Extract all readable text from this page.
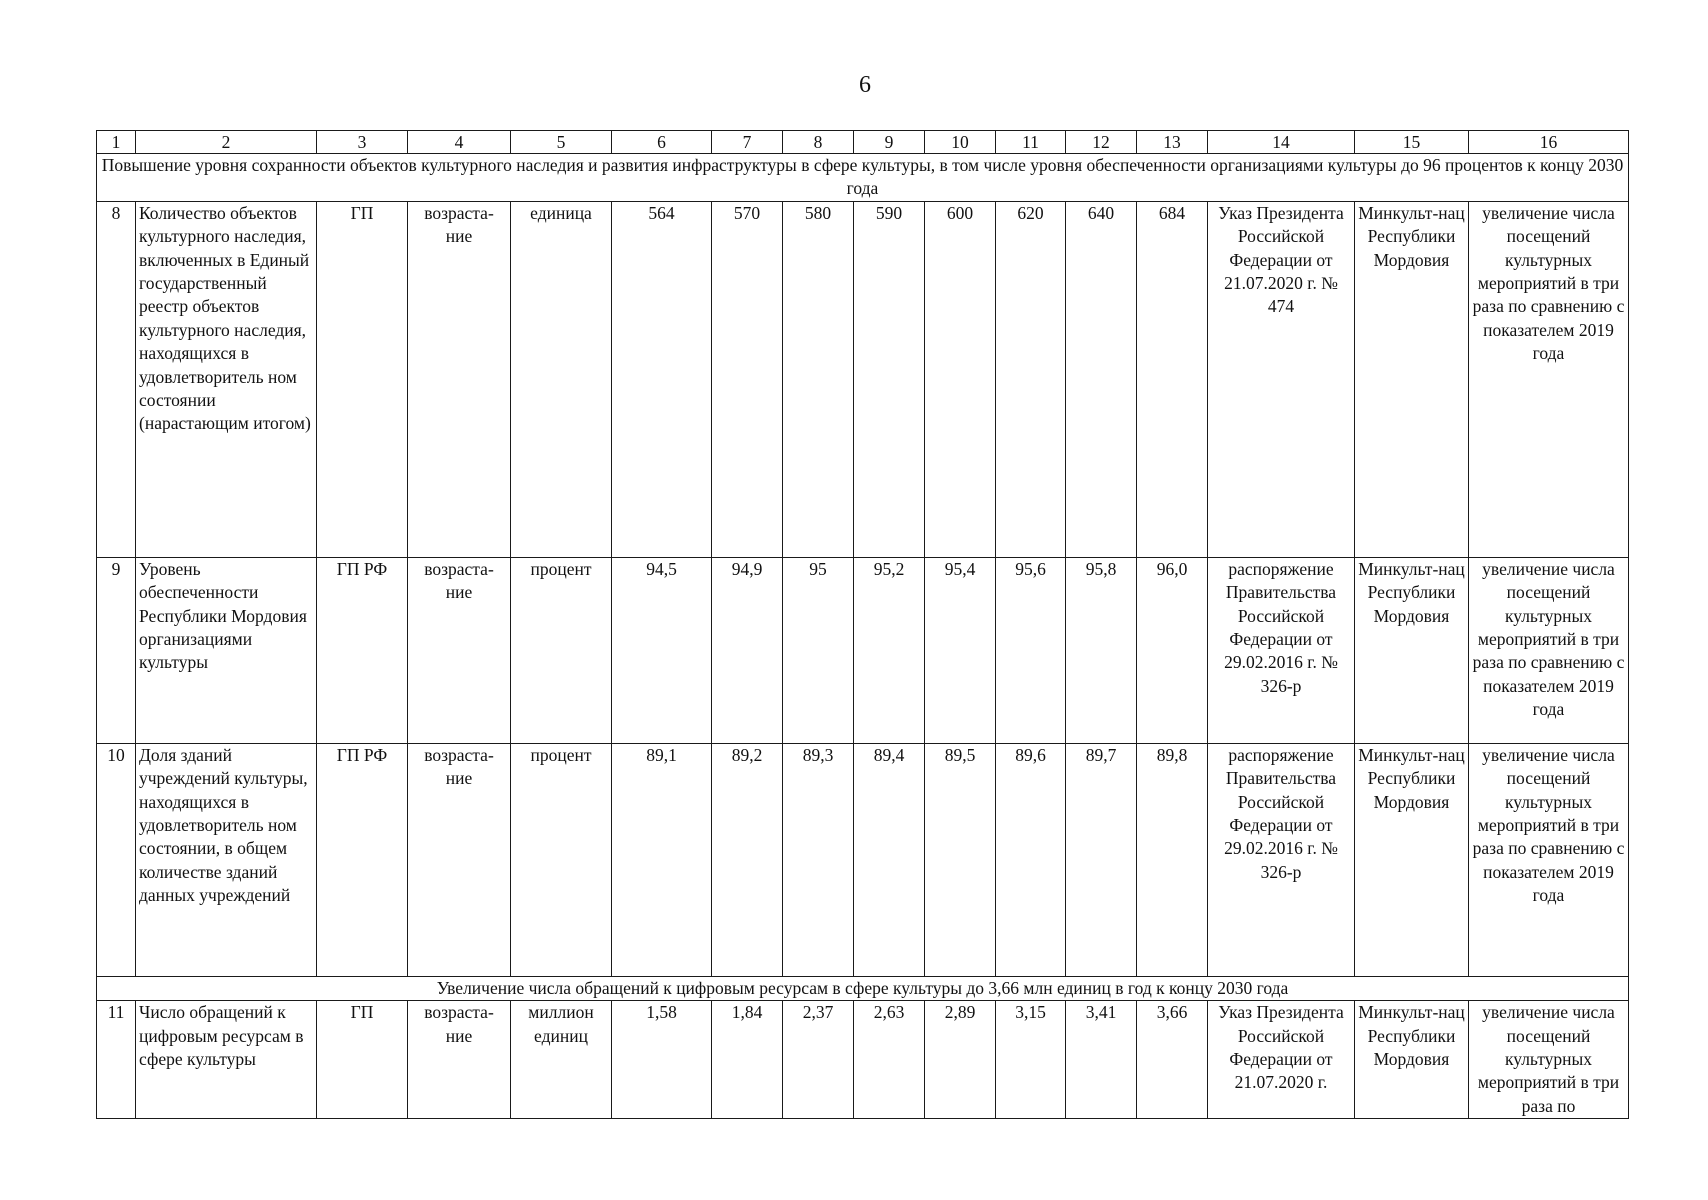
6
1	2	3	4	5	6	7	8	9	10	11	12	13	14	15	16
Повышение уровня сохранности объектов культурного наследия и развития инфраструктуры в сфере культуры, в том числе уровня обеспеченности организациями культуры до 96 процентов к концу 2030 года															
8	Количество объектов культурного наследия, включенных в Единый государственный реестр объектов культурного наследия, находящихся в удовлетворитель ном состоянии (нарастающим итогом)	ГП	возраста-ние	единица	564	570	580	590	600	620	640	684	Указ Президента Российской Федерации от 21.07.2020 г. № 474	Минкульт-нац Республики Мордовия	увеличение числа посещений культурных мероприятий в три раза по сравнению с показателем 2019 года
9	Уровень обеспеченности Республики Мордовия организациями культуры	ГП РФ	возраста-ние	процент	94,5	94,9	95	95,2	95,4	95,6	95,8	96,0	распоряжение Правительства Российской Федерации от 29.02.2016 г. № 326-р	Минкульт-нац Республики Мордовия	увеличение числа посещений культурных мероприятий в три раза по сравнению с показателем 2019 года
10	Доля зданий учреждений культуры, находящихся в удовлетворитель ном состоянии, в общем количестве зданий данных учреждений	ГП РФ	возраста-ние	процент	89,1	89,2	89,3	89,4	89,5	89,6	89,7	89,8	распоряжение Правительства Российской Федерации от 29.02.2016 г. № 326-р	Минкульт-нац Республики Мордовия	увеличение числа посещений культурных мероприятий в три раза по сравнению с показателем 2019 года
Увеличение числа обращений к цифровым ресурсам в сфере культуры до 3,66 млн единиц в год к концу 2030 года															
11	Число обращений к цифровым ресурсам в сфере культуры	ГП	возраста-ние	миллион единиц	1,58	1,84	2,37	2,63	2,89	3,15	3,41	3,66	Указ Президента Российской Федерации от 21.07.2020 г.	Минкульт-нац Республики Мордовия	увеличение числа посещений культурных мероприятий в три раза по
